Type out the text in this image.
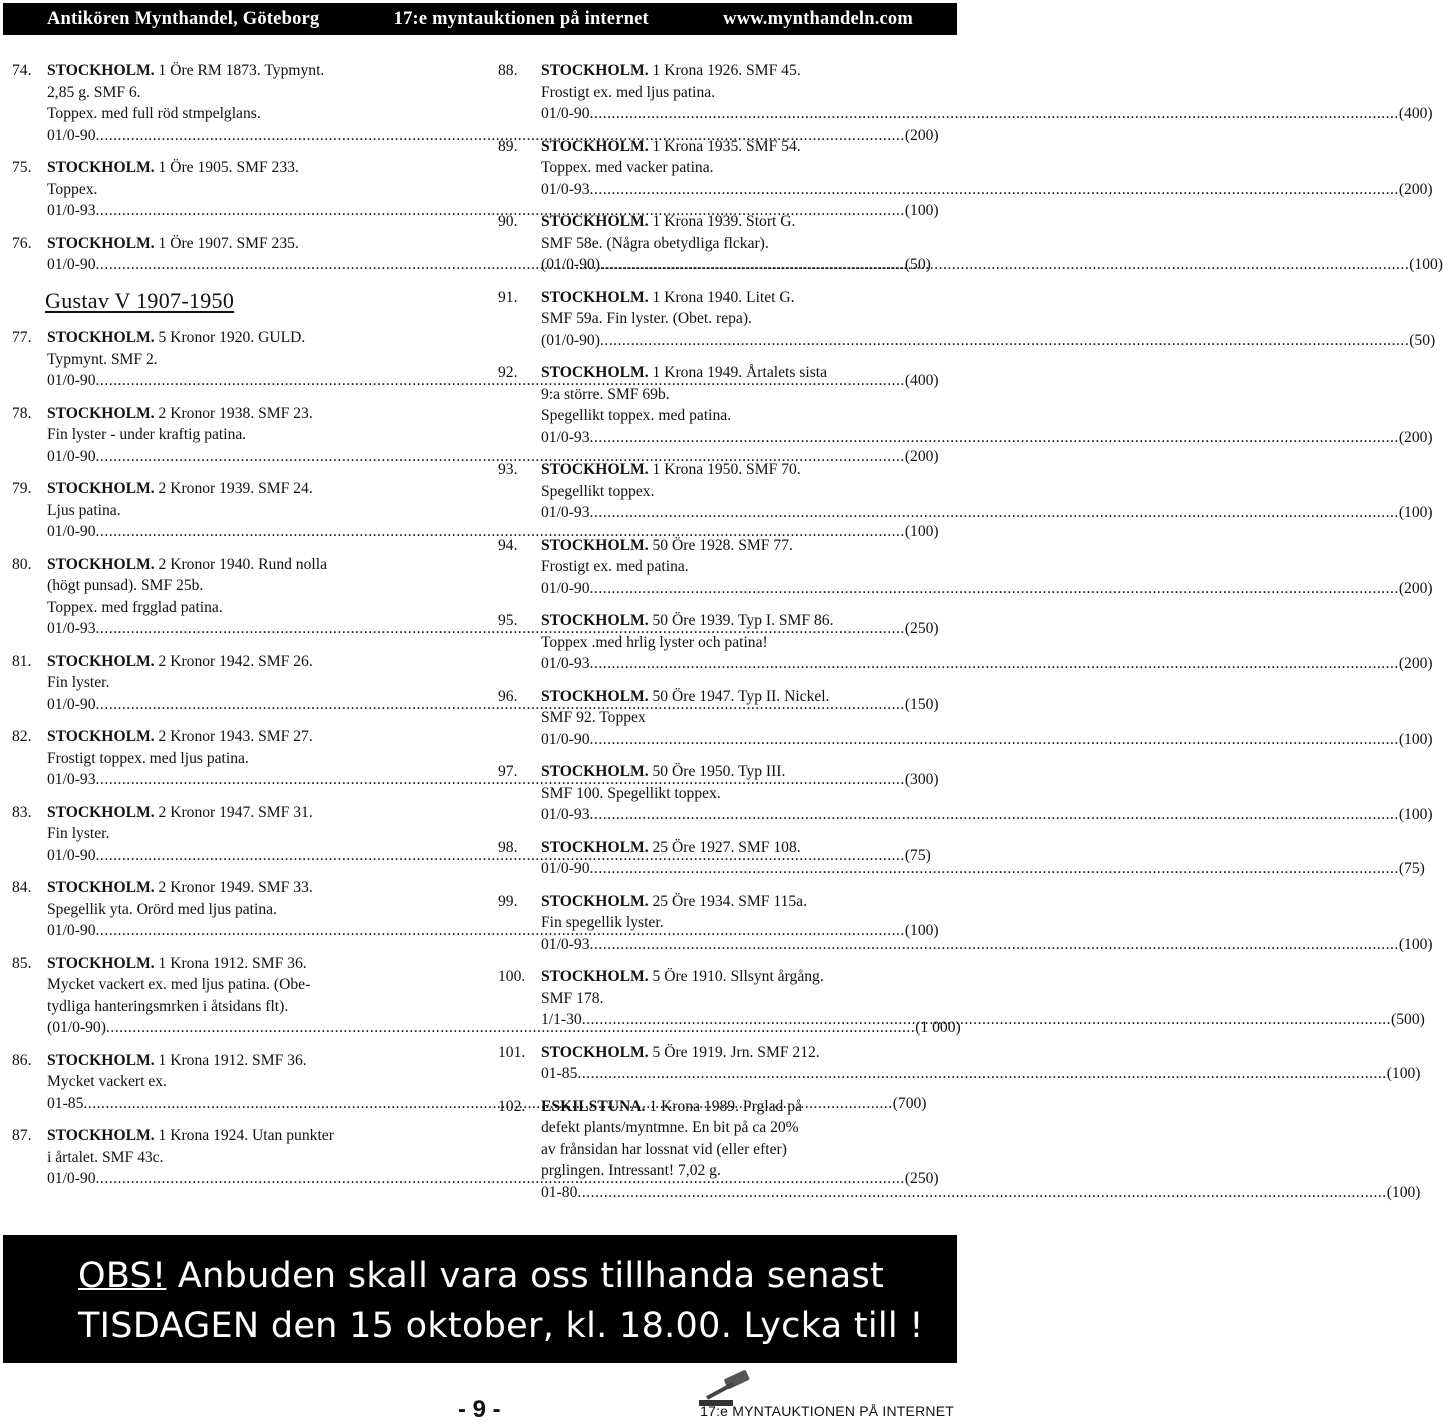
Antikören Mynthandel, Göteborg	17:e myntauktionen på internet	www.mynthandeln.com
74. STOCKHOLM. 1 Öre RM 1873. Typmynt.
2,85 g. SMF 6.
Toppex. med full röd stmpelglans.
01/0-90 .....	(200)
75. STOCKHOLM. 1 Öre 1905. SMF 233.
Toppex.
01/0-93 .....	(100)
76. STOCKHOLM. 1 Öre 1907. SMF 235.
01/0-90 .....	(50)
Gustav V 1907-1950
77. STOCKHOLM. 5 Kronor 1920. GULD.
Typmynt. SMF 2.
01/0-90 .....	(400)
78. STOCKHOLM. 2 Kronor 1938. SMF 23.
Fin lyster - under kraftig patina.
01/0-90 .....	(200)
79. STOCKHOLM. 2 Kronor 1939. SMF 24.
Ljus patina.
01/0-90 .....	(100)
80. STOCKHOLM. 2 Kronor 1940. Rund nolla
(högt punsad). SMF 25b.
Toppex. med frgglad patina.
01/0-93 .....	(250)
81. STOCKHOLM. 2 Kronor 1942. SMF 26.
Fin lyster.
01/0-90 .....	(150)
82. STOCKHOLM. 2 Kronor 1943. SMF 27.
Frostigt toppex. med ljus patina.
01/0-93 .....	(300)
83. STOCKHOLM. 2 Kronor 1947. SMF 31.
Fin lyster.
01/0-90 .....	(75)
84. STOCKHOLM. 2 Kronor 1949. SMF 33.
Spegellik yta. Orörd med ljus patina.
01/0-90 .....	(100)
85. STOCKHOLM. 1 Krona 1912. SMF 36.
Mycket vackert ex. med ljus patina. (Obe-
tydliga hanteringsmrken i åtsidans flt).
(01/0-90) .....	(1 000)
86. STOCKHOLM. 1 Krona 1912. SMF 36.
Mycket vackert ex.
01-85 .....	(700)
87. STOCKHOLM. 1 Krona 1924. Utan punkter
i årtalet. SMF 43c.
01/0-90 .....	(250)
88.	STOCKHOLM. 1 Krona 1926. SMF 45.
Frostigt ex. med ljus patina.
01/0-90 .....	(400)
89.	STOCKHOLM. 1 Krona 1935. SMF 54.
Toppex. med vacker patina.
01/0-93 .....	(200)
90.	STOCKHOLM. 1 Krona 1939. Stort G.
SMF 58e. (Några obetydliga flckar).
(01/0-90) .....	(100)
91.	STOCKHOLM. 1 Krona 1940. Litet G.
SMF 59a. Fin lyster. (Obet. repa).
(01/0-90) .....	(50)
92.	STOCKHOLM. 1 Krona 1949. Årtalets sista
9:a större. SMF 69b.
Spegellikt toppex. med patina.
01/0-93 .....	(200)
93.	STOCKHOLM. 1 Krona 1950. SMF 70.
Spegellikt toppex.
01/0-93 .....	(100)
94.	STOCKHOLM. 50 Öre 1928. SMF 77.
Frostigt ex. med patina.
01/0-90 .....	(200)
95.	STOCKHOLM. 50 Öre 1939. Typ I. SMF 86.
Toppex .med hrlig lyster och patina!
01/0-93 .....	(200)
96.	STOCKHOLM. 50 Öre 1947. Typ II. Nickel.
SMF 92. Toppex
01/0-90 .....	(100)
97.	STOCKHOLM. 50 Öre 1950. Typ III.
SMF 100. Spegellikt toppex.
01/0-93 .....	(100)
98.	STOCKHOLM. 25 Öre 1927. SMF 108.
01/0-90 .....	(75)
99.	STOCKHOLM. 25 Öre 1934. SMF 115a.
Fin spegellik lyster.
01/0-93 .....	(100)
100.	STOCKHOLM. 5 Öre 1910. Sllsynt årgång.
SMF 178.
1/1-30 .....	(500)
101.	STOCKHOLM. 5 Öre 1919. Jrn. SMF 212.
01-85 .....	(100)
102.	ESKILSTUNA. 1 Krona 1989. Prglad på
defekt plants/myntmne. En bit på ca 20%
av frånsidan har lossnat vid (eller efter)
prglingen. Intressant! 7,02 g.
01-80 .....	(100)
OBS! Anbuden skall vara oss tillhanda senast
TISDAGEN den 15 oktober, kl. 18.00. Lycka till !
- 9 -	17:e MYNTAUKTIONEN PÅ INTERNET
